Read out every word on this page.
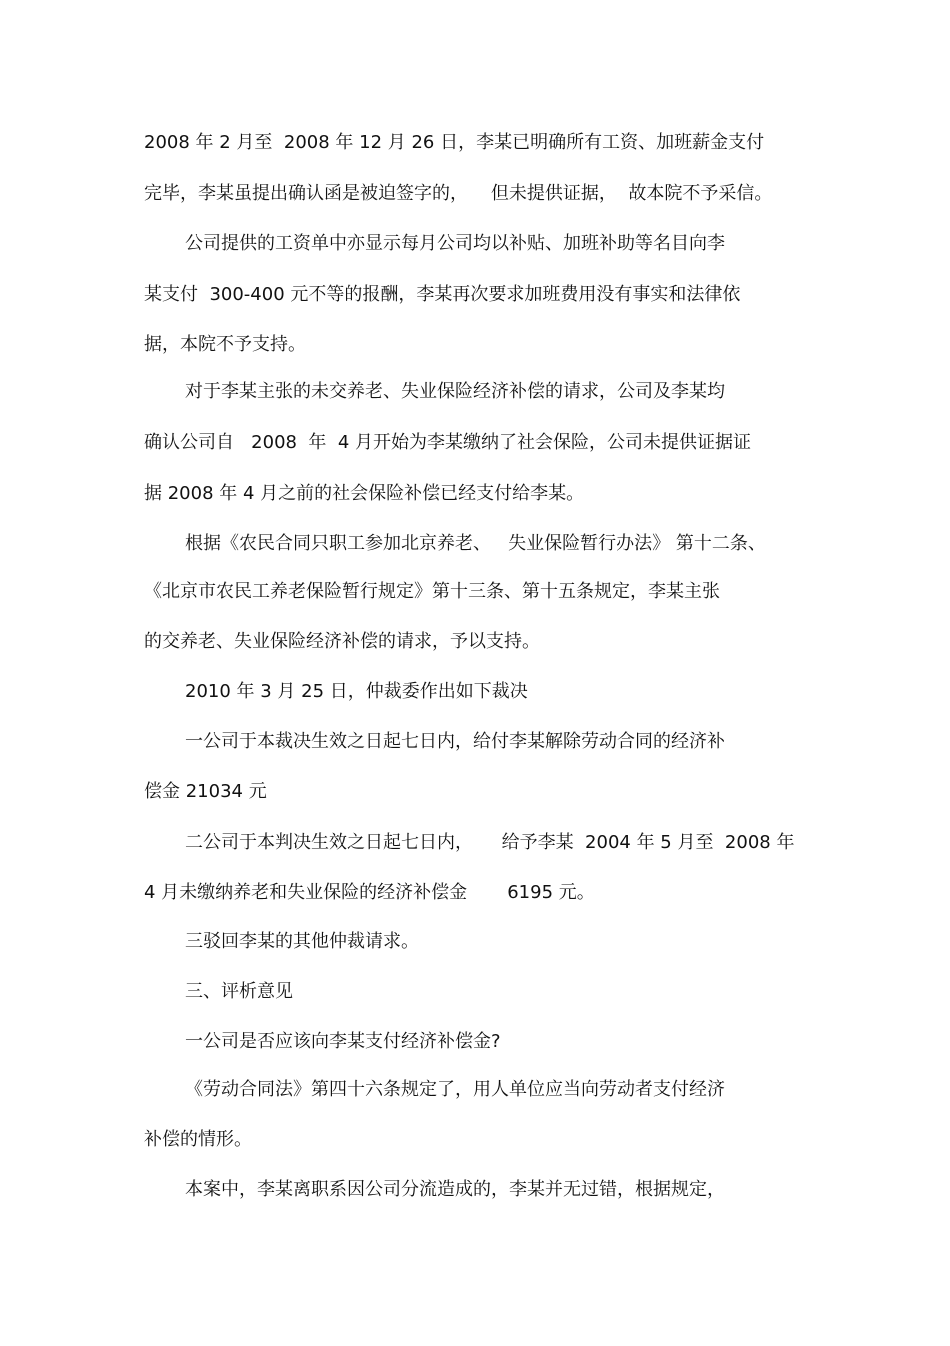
2008 年 2 月至  2008 年 12 月 26 日，李某已明确所有工资、加班薪金支付
完毕，李某虽提出确认函是被迫签字的，    但未提供证据，  故本院不予采信。
公司提供的工资单中亦显示每月公司均以补贴、加班补助等名目向李
某支付  300-400 元不等的报酬，李某再次要求加班费用没有事实和法律依
据，本院不予支持。
对于李某主张的未交养老、失业保险经济补偿的请求，公司及李某均
确认公司自   2008  年  4 月开始为李某缴纳了社会保险，公司未提供证据证
据 2008 年 4 月之前的社会保险补偿已经支付给李某。
根据《农民合同只职工参加北京养老、   失业保险暂行办法》 第十二条、
《北京市农民工养老保险暂行规定》第十三条、第十五条规定，李某主张
的交养老、失业保险经济补偿的请求，予以支持。
2010 年 3 月 25 日，仲裁委作出如下裁决
一公司于本裁决生效之日起七日内，给付李某解除劳动合同的经济补
偿金 21034 元
二公司于本判决生效之日起七日内，     给予李某  2004 年 5 月至  2008 年
4 月未缴纳养老和失业保险的经济补偿金       6195 元。
三驳回李某的其他仲裁请求。
三、评析意见
一公司是否应该向李某支付经济补偿金?
《劳动合同法》第四十六条规定了，用人单位应当向劳动者支付经济
补偿的情形。
本案中，李某离职系因公司分流造成的，李某并无过错，根据规定，
